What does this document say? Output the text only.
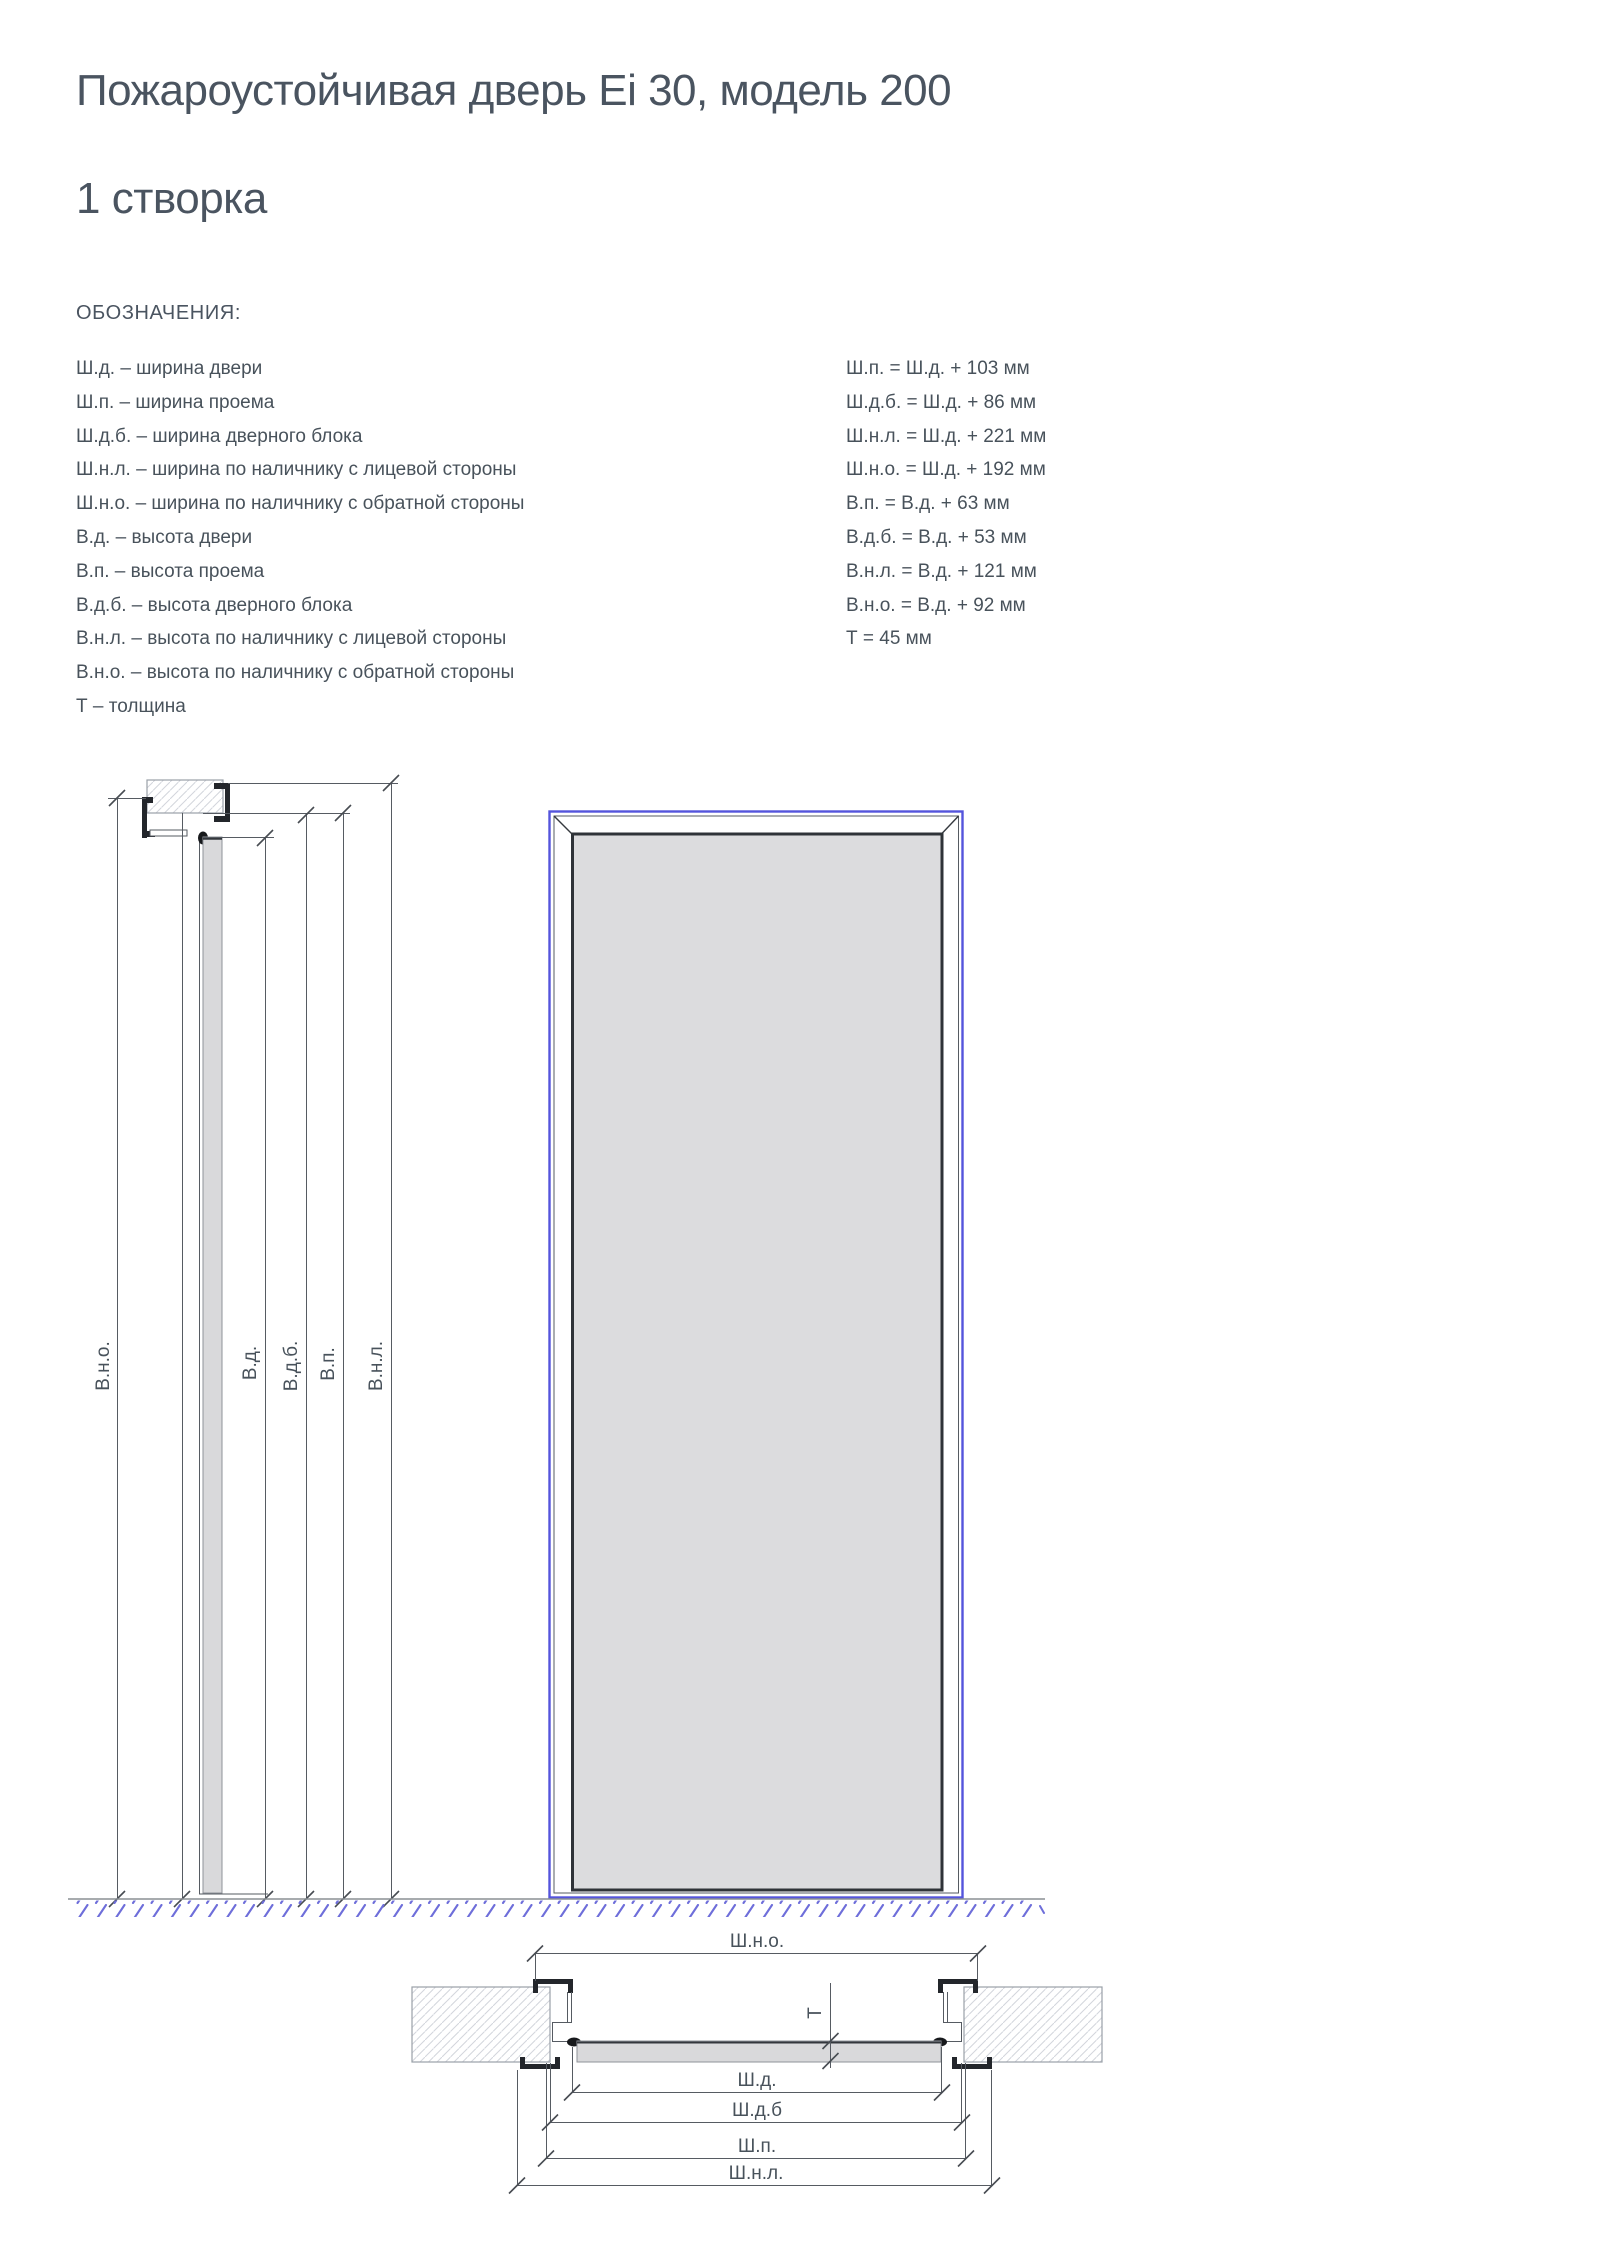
Пожароустойчивая дверь Ei 30, модель 200

1 створка
ОБОЗНАЧЕНИЯ:
Ш.д. – ширина двери
Ш.п. – ширина проема
Ш.д.б. – ширина дверного блока
Ш.н.л. – ширина по наличнику с лицевой стороны
Ш.н.о. – ширина по наличнику с обратной стороны
В.д. – высота двери
В.п. – высота проема
В.д.б. – высота дверного блока
В.н.л. – высота по наличнику с лицевой стороны
В.н.о. – высота по наличнику с обратной стороны
Т – толщина
Ш.п. = Ш.д. + 103 мм
Ш.д.б. = Ш.д. + 86 мм
Ш.н.л. = Ш.д. + 221 мм
Ш.н.о. = Ш.д. + 192 мм
В.п. = В.д. + 63 мм
В.д.б. = В.д. + 53 мм
В.н.л. = В.д. + 121 мм
В.н.о. = В.д. + 92 мм
Т = 45 мм
В.н.о.	В.д. В.д.б. В.п. В.н.л.
Ш.н.о.
Т
Ш.д.
Ш.д.б
Ш.п.
Ш.н.л.
